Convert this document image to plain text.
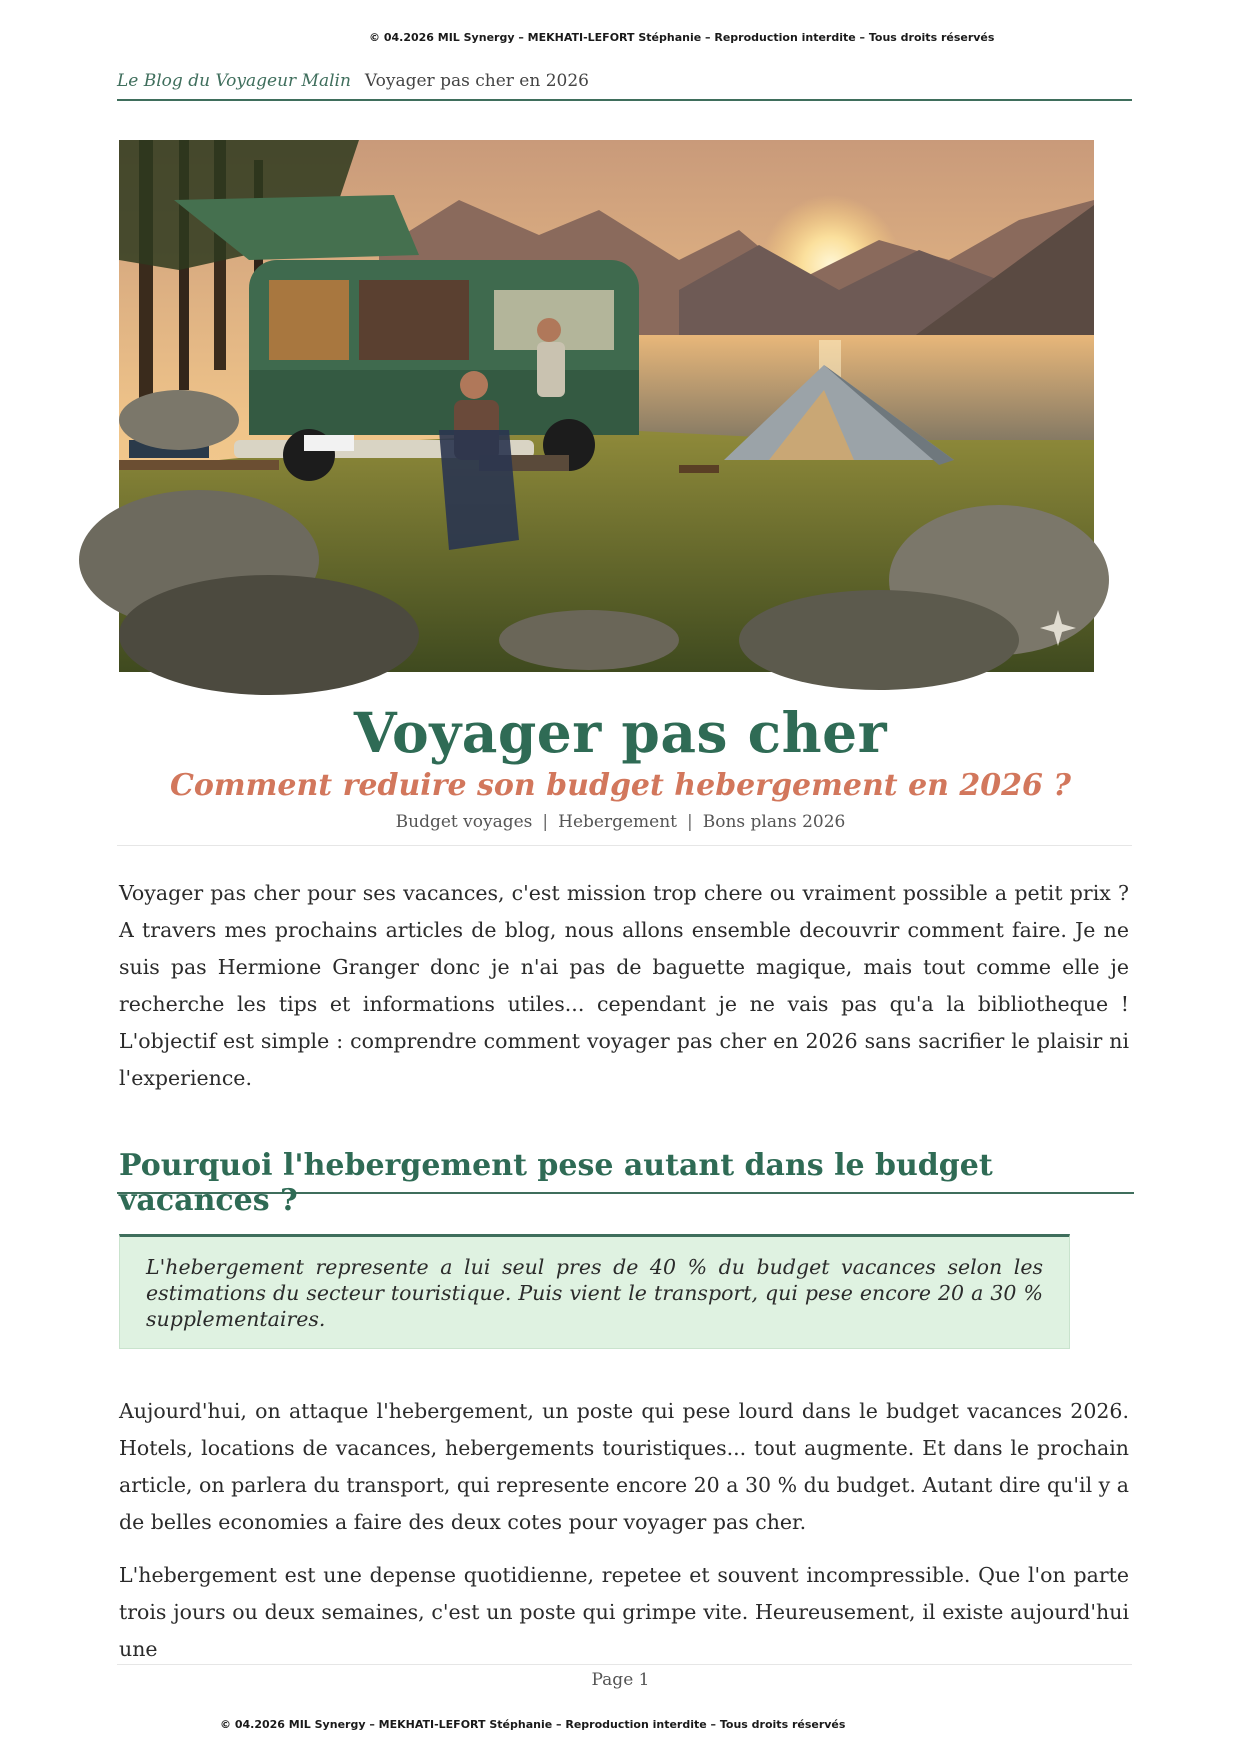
© 04.2026 MIL Synergy – MEKHATI-LEFORT Stéphanie – Reproduction interdite – Tous droits réservés
Le Blog du Voyageur Malin Voyager pas cher en 2026
Voyager pas cher
Comment reduire son budget hebergement en 2026 ?
Budget voyages | Hebergement | Bons plans 2026

Voyager pas cher pour ses vacances, c'est mission trop chere ou vraiment possible a petit prix ? A travers mes prochains articles de blog, nous allons ensemble decouvrir comment faire. Je ne suis pas Hermione Granger donc je n'ai pas de baguette magique, mais tout comme elle je recherche les tips et informations utiles... cependant je ne vais pas qu'a la bibliotheque ! L'objectif est simple : comprendre comment voyager pas cher en 2026 sans sacrifier le plaisir ni l'experience.

Pourquoi l'hebergement pese autant dans le budget vacances ?

L'hebergement represente a lui seul pres de 40 % du budget vacances selon les estimations du secteur touristique. Puis vient le transport, qui pese encore 20 a 30 % supplementaires.

Aujourd'hui, on attaque l'hebergement, un poste qui pese lourd dans le budget vacances 2026. Hotels, locations de vacances, hebergements touristiques... tout augmente. Et dans le prochain article, on parlera du transport, qui represente encore 20 a 30 % du budget. Autant dire qu'il y a de belles economies a faire des deux cotes pour voyager pas cher.

L'hebergement est une depense quotidienne, repetee et souvent incompressible. Que l'on parte trois jours ou deux semaines, c'est un poste qui grimpe vite. Heureusement, il existe aujourd'hui une

Page 1
© 04.2026 MIL Synergy – MEKHATI-LEFORT Stéphanie – Reproduction interdite – Tous droits réservés
